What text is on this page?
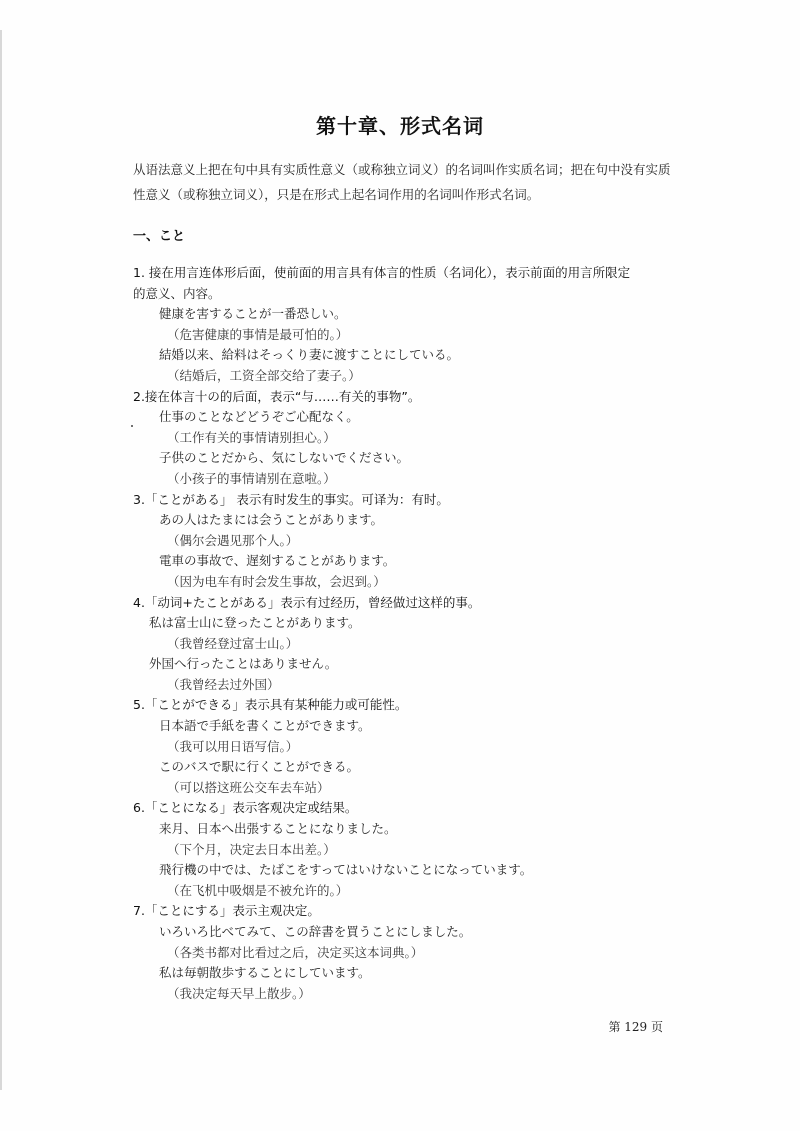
第十章、形式名词
从语法意义上把在句中具有实质性意义（或称独立词义）的名词叫作实质名词；把在句中没有实质性意义（或称独立词义），只是在形式上起名词作用的名词叫作形式名词。
一、こと
1. 接在用言连体形后面，使前面的用言具有体言的性质（名词化），表示前面的用言所限定
的意义、内容。
健康を害することが一番恐しい。
（危害健康的事情是最可怕的。）
結婚以来、給料はそっくり妻に渡すことにしている。
（结婚后，工资全部交给了妻子。）
2.接在体言十の的后面，表示“与……有关的事物”。
仕事のことなどどうぞご心配なく。
（工作有关的事情请别担心。）
子供のことだから、気にしないでください。
（小孩子的事情请别在意啦。）
3.「ことがある」 表示有时发生的事实。可译为：有时。
あの人はたまには会うことがあります。
（偶尔会遇见那个人。）
電車の事故で、遅刻することがあります。
（因为电车有时会发生事故，会迟到。）
4.「动词+たことがある」表示有过经历，曾经做过这样的事。
私は富士山に登ったことがあります。
（我曾经登过富士山。）
外国へ行ったことはありません。
（我曾经去过外国）
5.「ことができる」表示具有某种能力或可能性。
日本語で手紙を書くことができます。
（我可以用日语写信。）
このバスで駅に行くことができる。
（可以搭这班公交车去车站）
6.「ことになる」表示客观决定或结果。
来月、日本へ出張することになりました。
（下个月，决定去日本出差。）
飛行機の中では、たばこをすってはいけないことになっています。
（在飞机中吸烟是不被允许的。）
7.「ことにする」表示主观决定。
いろいろ比べてみて、この辞書を買うことにしました。
（各类书都对比看过之后，决定买这本词典。）
私は毎朝散歩することにしています。
（我决定每天早上散步。）
第 129 页
